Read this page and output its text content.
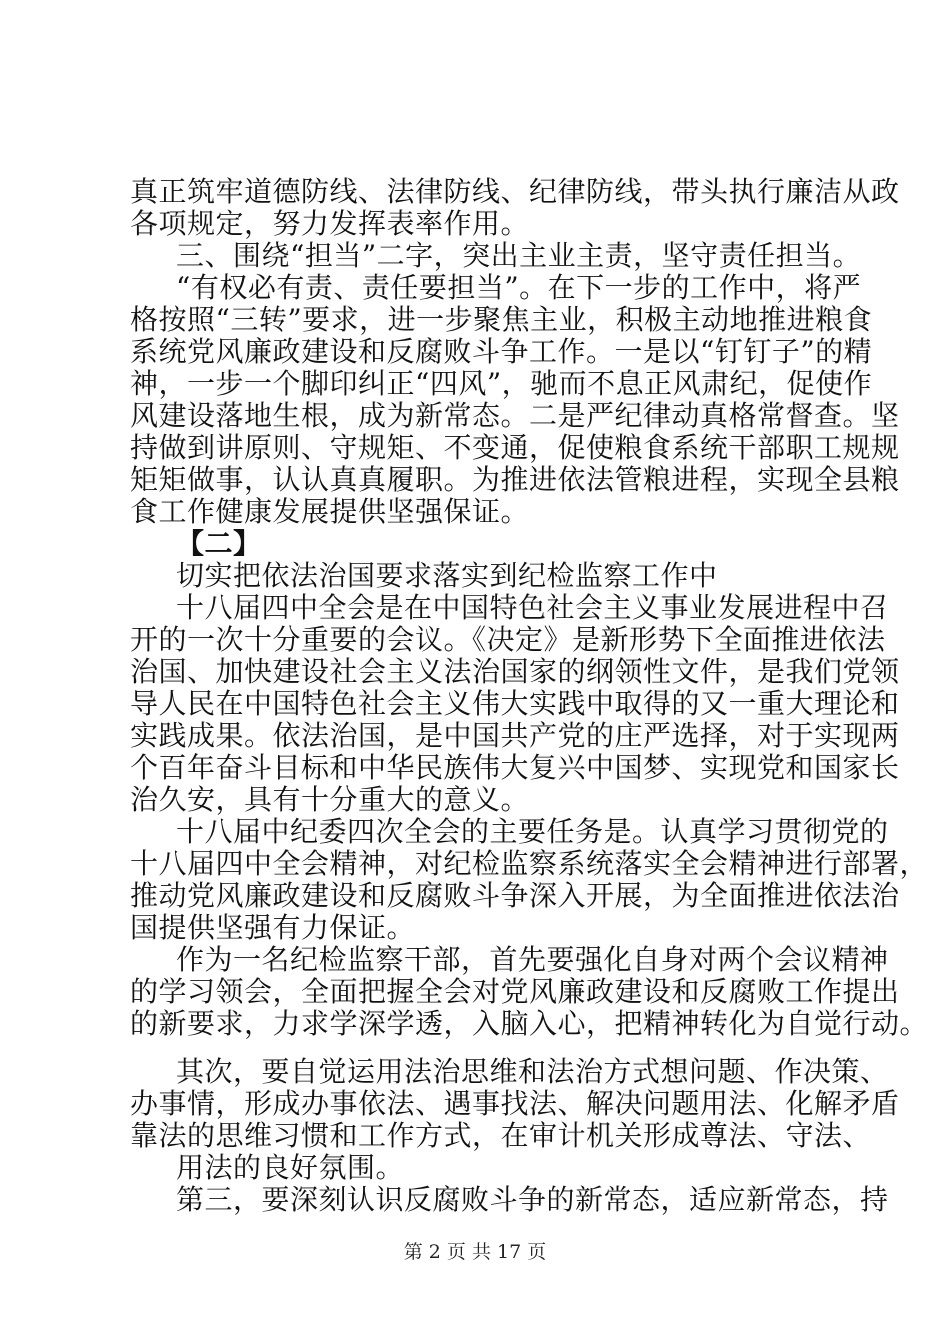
真正筑牢道德防线、法律防线、纪律防线，带头执行廉洁从政
各项规定，努力发挥表率作用。
三、围绕“担当”二字，突出主业主责，坚守责任担当。
“有权必有责、责任要担当”。在下一步的工作中，将严
格按照“三转”要求，进一步聚焦主业，积极主动地推进粮食
系统党风廉政建设和反腐败斗争工作。一是以“钉钉子”的精
神，一步一个脚印纠正“四风”，驰而不息正风肃纪，促使作
风建设落地生根，成为新常态。二是严纪律动真格常督查。坚
持做到讲原则、守规矩、不变通，促使粮食系统干部职工规规
矩矩做事，认认真真履职。为推进依法管粮进程，实现全县粮
食工作健康发展提供坚强保证。
【二】
切实把依法治国要求落实到纪检监察工作中
十八届四中全会是在中国特色社会主义事业发展进程中召
开的一次十分重要的会议。《决定》是新形势下全面推进依法
治国、加快建设社会主义法治国家的纲领性文件，是我们党领
导人民在中国特色社会主义伟大实践中取得的又一重大理论和
实践成果。依法治国，是中国共产党的庄严选择，对于实现两
个百年奋斗目标和中华民族伟大复兴中国梦、实现党和国家长
治久安，具有十分重大的意义。
十八届中纪委四次全会的主要任务是。认真学习贯彻党的
十八届四中全会精神，对纪检监察系统落实全会精神进行部署，
推动党风廉政建设和反腐败斗争深入开展，为全面推进依法治
国提供坚强有力保证。
作为一名纪检监察干部，首先要强化自身对两个会议精神
的学习领会，全面把握全会对党风廉政建设和反腐败工作提出
的新要求，力求学深学透，入脑入心，把精神转化为自觉行动。
其次，要自觉运用法治思维和法治方式想问题、作决策、
办事情，形成办事依法、遇事找法、解决问题用法、化解矛盾
靠法的思维习惯和工作方式，在审计机关形成尊法、守法、
用法的良好氛围。
第三，要深刻认识反腐败斗争的新常态，适应新常态，持
第 2 页 共 17 页
